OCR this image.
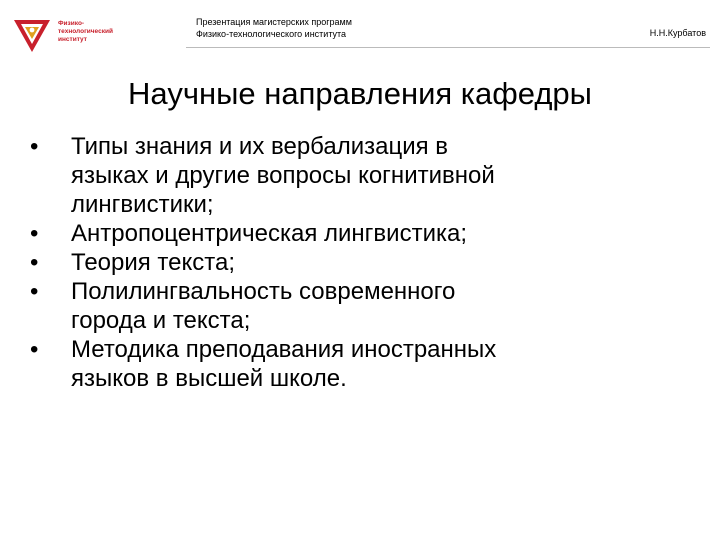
Физико-
технологический
институт
Презентация магистерских программ
Физико-технологического института	Н.Н.Курбатов
Научные направления кафедры
•	Типы знания и их вербализация в
языках и другие вопросы когнитивной
лингвистики;
•	Антропоцентрическая лингвистика;
•	Теория текста;
•	Полилингвальность современного
города и текста;
•	Методика преподавания иностранных
языков в высшей школе.
